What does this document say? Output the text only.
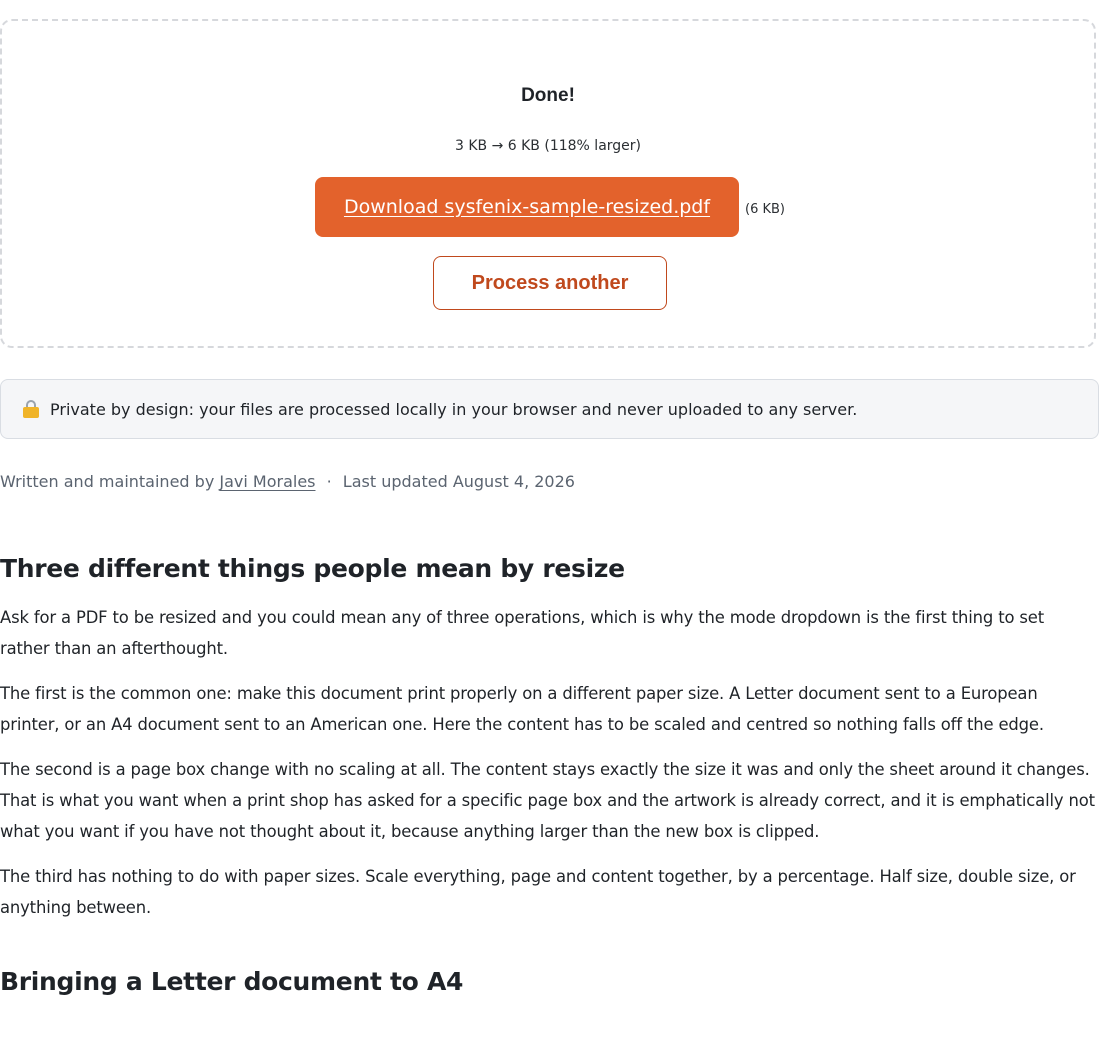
Done!
3 KB → 6 KB (118% larger)
Download sysfenix-sample-resized.pdf	(6 KB)
Process another
Private by design: your files are processed locally in your browser and never uploaded to any server.
Written and maintained by Javi Morales · Last updated August 4, 2026
Three different things people mean by resize

Ask for a PDF to be resized and you could mean any of three operations, which is why the mode dropdown is the first thing to set rather than an afterthought.

The first is the common one: make this document print properly on a different paper size. A Letter document sent to a European printer, or an A4 document sent to an American one. Here the content has to be scaled and centred so nothing falls off the edge.

The second is a page box change with no scaling at all. The content stays exactly the size it was and only the sheet around it changes. That is what you want when a print shop has asked for a specific page box and the artwork is already correct, and it is emphatically not what you want if you have not thought about it, because anything larger than the new box is clipped.

The third has nothing to do with paper sizes. Scale everything, page and content together, by a percentage. Half size, double size, or anything between.

Bringing a Letter document to A4
